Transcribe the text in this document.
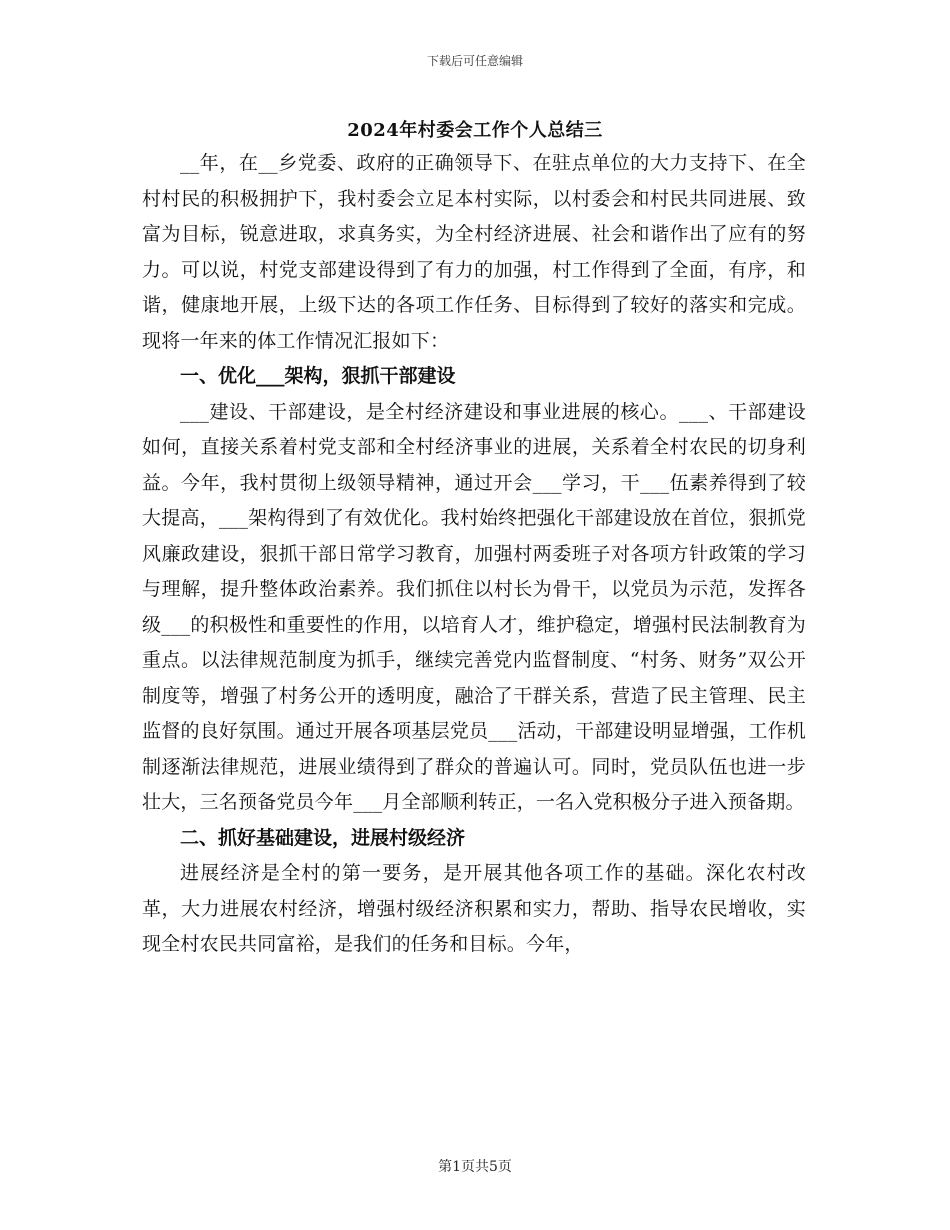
下载后可任意编辑
2024年村委会工作个人总结三

__年，在__乡党委、政府的正确领导下、在驻点单位的大力支持下、在全村村民的积极拥护下，我村委会立足本村实际，以村委会和村民共同进展、致富为目标，锐意进取，求真务实，为全村经济进展、社会和谐作出了应有的努力。可以说，村党支部建设得到了有力的加强，村工作得到了全面，有序，和谐，健康地开展，上级下达的各项工作任务、目标得到了较好的落实和完成。现将一年来的体工作情况汇报如下：

一、优化___架构，狠抓干部建设

___建设、干部建设，是全村经济建设和事业进展的核心。___、干部建设如何，直接关系着村党支部和全村经济事业的进展，关系着全村农民的切身利益。今年，我村贯彻上级领导精神，通过开会___学习，干___伍素养得到了较大提高，___架构得到了有效优化。我村始终把强化干部建设放在首位，狠抓党风廉政建设，狠抓干部日常学习教育，加强村两委班子对各项方针政策的学习与理解，提升整体政治素养。我们抓住以村长为骨干，以党员为示范，发挥各级___的积极性和重要性的作用，以培育人才，维护稳定，增强村民法制教育为重点。以法律规范制度为抓手，继续完善党内监督制度、“村务、财务”双公开制度等，增强了村务公开的透明度，融洽了干群关系，营造了民主管理、民主监督的良好氛围。通过开展各项基层党员___活动，干部建设明显增强，工作机制逐渐法律规范，进展业绩得到了群众的普遍认可。同时，党员队伍也进一步壮大，三名预备党员今年___月全部顺利转正，一名入党积极分子进入预备期。

二、抓好基础建设，进展村级经济

进展经济是全村的第一要务，是开展其他各项工作的基础。深化农村改革，大力进展农村经济，增强村级经济积累和实力，帮助、指导农民增收，实现全村农民共同富裕，是我们的任务和目标。今年，

第1页共5页
